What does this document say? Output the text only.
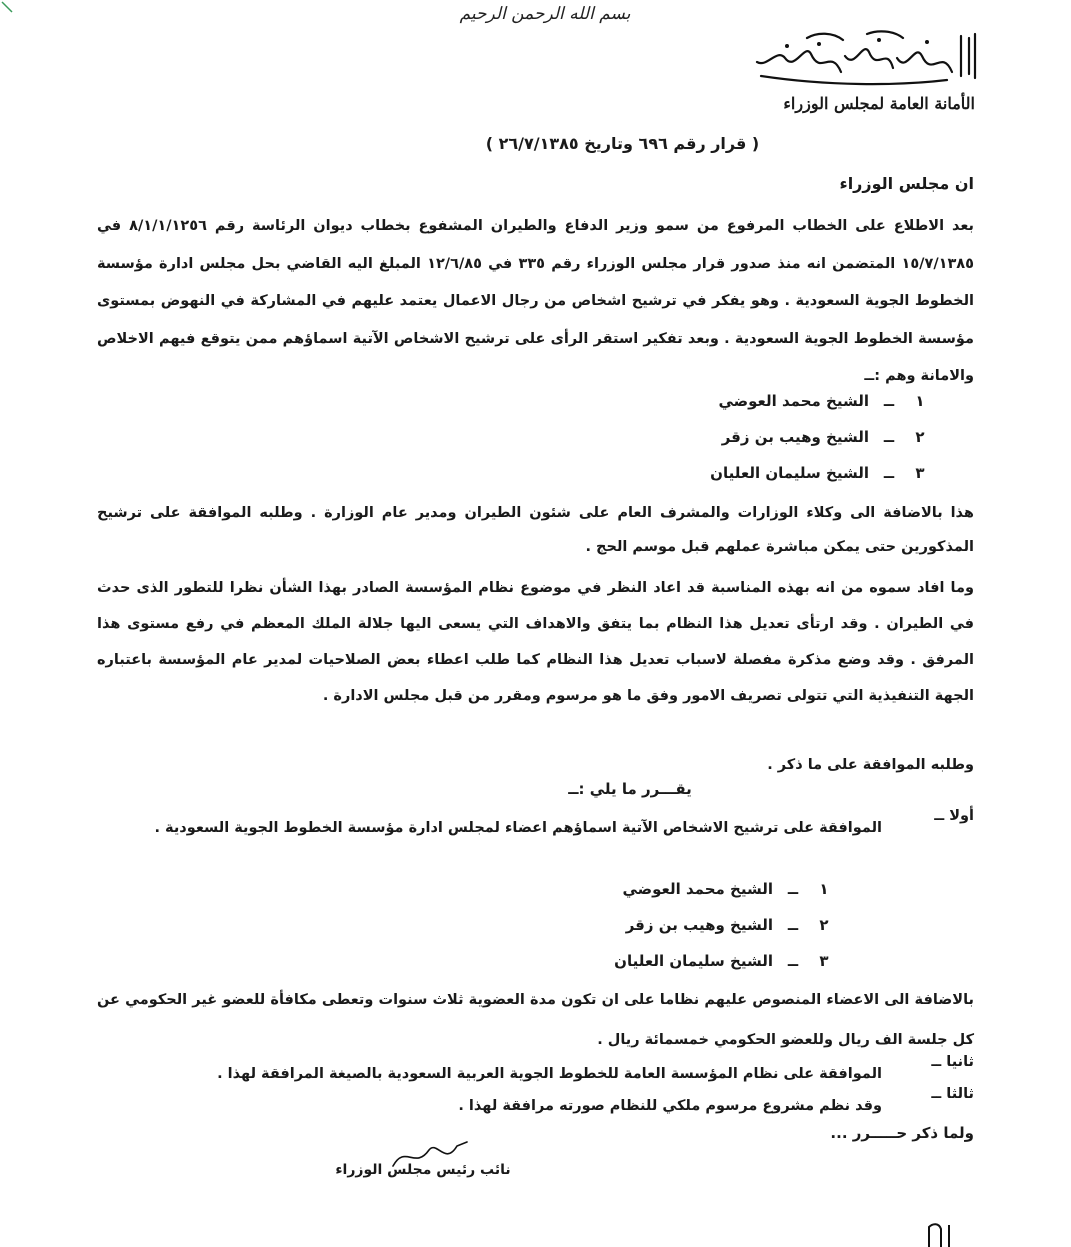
بسم الله الرحمن الرحيم
الأمانة العامة لمجلس الوزراء
( قرار رقم ٦٩٦ وتاريخ ٢٦/٧/١٣٨٥ )
ان مجلس الوزراء
بعد الاطلاع على الخطاب المرفوع من سمو وزير الدفاع والطيران المشفوع بخطاب ديوان الرئاسة رقم ٨/١/١/١٢٥٦ في ١٥/٧/١٣٨٥ المتضمن انه منذ صدور قرار مجلس الوزراء رقم ٣٣٥ في ١٢/٦/٨٥ المبلغ اليه القاضي بحل مجلس ادارة مؤسسة الخطوط الجوية السعودية . وهو يفكر في ترشيح اشخاص من رجال الاعمال يعتمد عليهم في المشاركة في النهوض بمستوى مؤسسة الخطوط الجوية السعودية . وبعد تفكير استقر الرأى على ترشيح الاشخاص الآتية اسماؤهم ممن يتوقع فيهم الاخلاص والامانة وهم :ــ
١ــالشيخ محمد العوضي
٢ــالشيخ وهيب بن زقر
٣ــالشيخ سليمان العليان
هذا بالاضافة الى وكلاء الوزارات والمشرف العام على شئون الطيران ومدير عام الوزارة . وطلبه الموافقة على ترشيح المذكورين حتى يمكن مباشرة عملهم قبل موسم الحج .
وما افاد سموه من انه بهذه المناسبة قد اعاد النظر في موضوع نظام المؤسسة الصادر بهذا الشأن نظرا للتطور الذى حدث في الطيران . وقد ارتأى تعديل هذا النظام بما يتفق والاهداف التي يسعى اليها جلالة الملك المعظم في رفع مستوى هذا المرفق . وقد وضع مذكرة مفصلة لاسباب تعديل هذا النظام كما طلب اعطاء بعض الصلاحيات لمدير عام المؤسسة باعتباره الجهة التنفيذية التي تتولى تصريف الامور وفق ما هو مرسوم ومقرر من قبل مجلس الادارة .
وطلبه الموافقة على ما ذكر .
يقـــرر ما يلي :ــ
أولا ــ
الموافقة على ترشيح الاشخاص الآتية اسماؤهم اعضاء لمجلس ادارة مؤسسة الخطوط الجوية السعودية .
١ــالشيخ محمد العوضي
٢ــالشيخ وهيب بن زقر
٣ــالشيخ سليمان العليان
بالاضافة الى الاعضاء المنصوص عليهم نظاما على ان تكون مدة العضوية ثلاث سنوات وتعطى مكافأة للعضو غير الحكومي عن كل جلسة الف ريال وللعضو الحكومي خمسمائة ريال .
ثانيا ــ
الموافقة على نظام المؤسسة العامة للخطوط الجوية العربية السعودية بالصيغة المرافقة لهذا .
ثالثا ــ
وقد نظم مشروع مرسوم ملكي للنظام صورته مرافقة لهذا .
ولما ذكر حـــــرر ...
نائب رئيس مجلس الوزراء
